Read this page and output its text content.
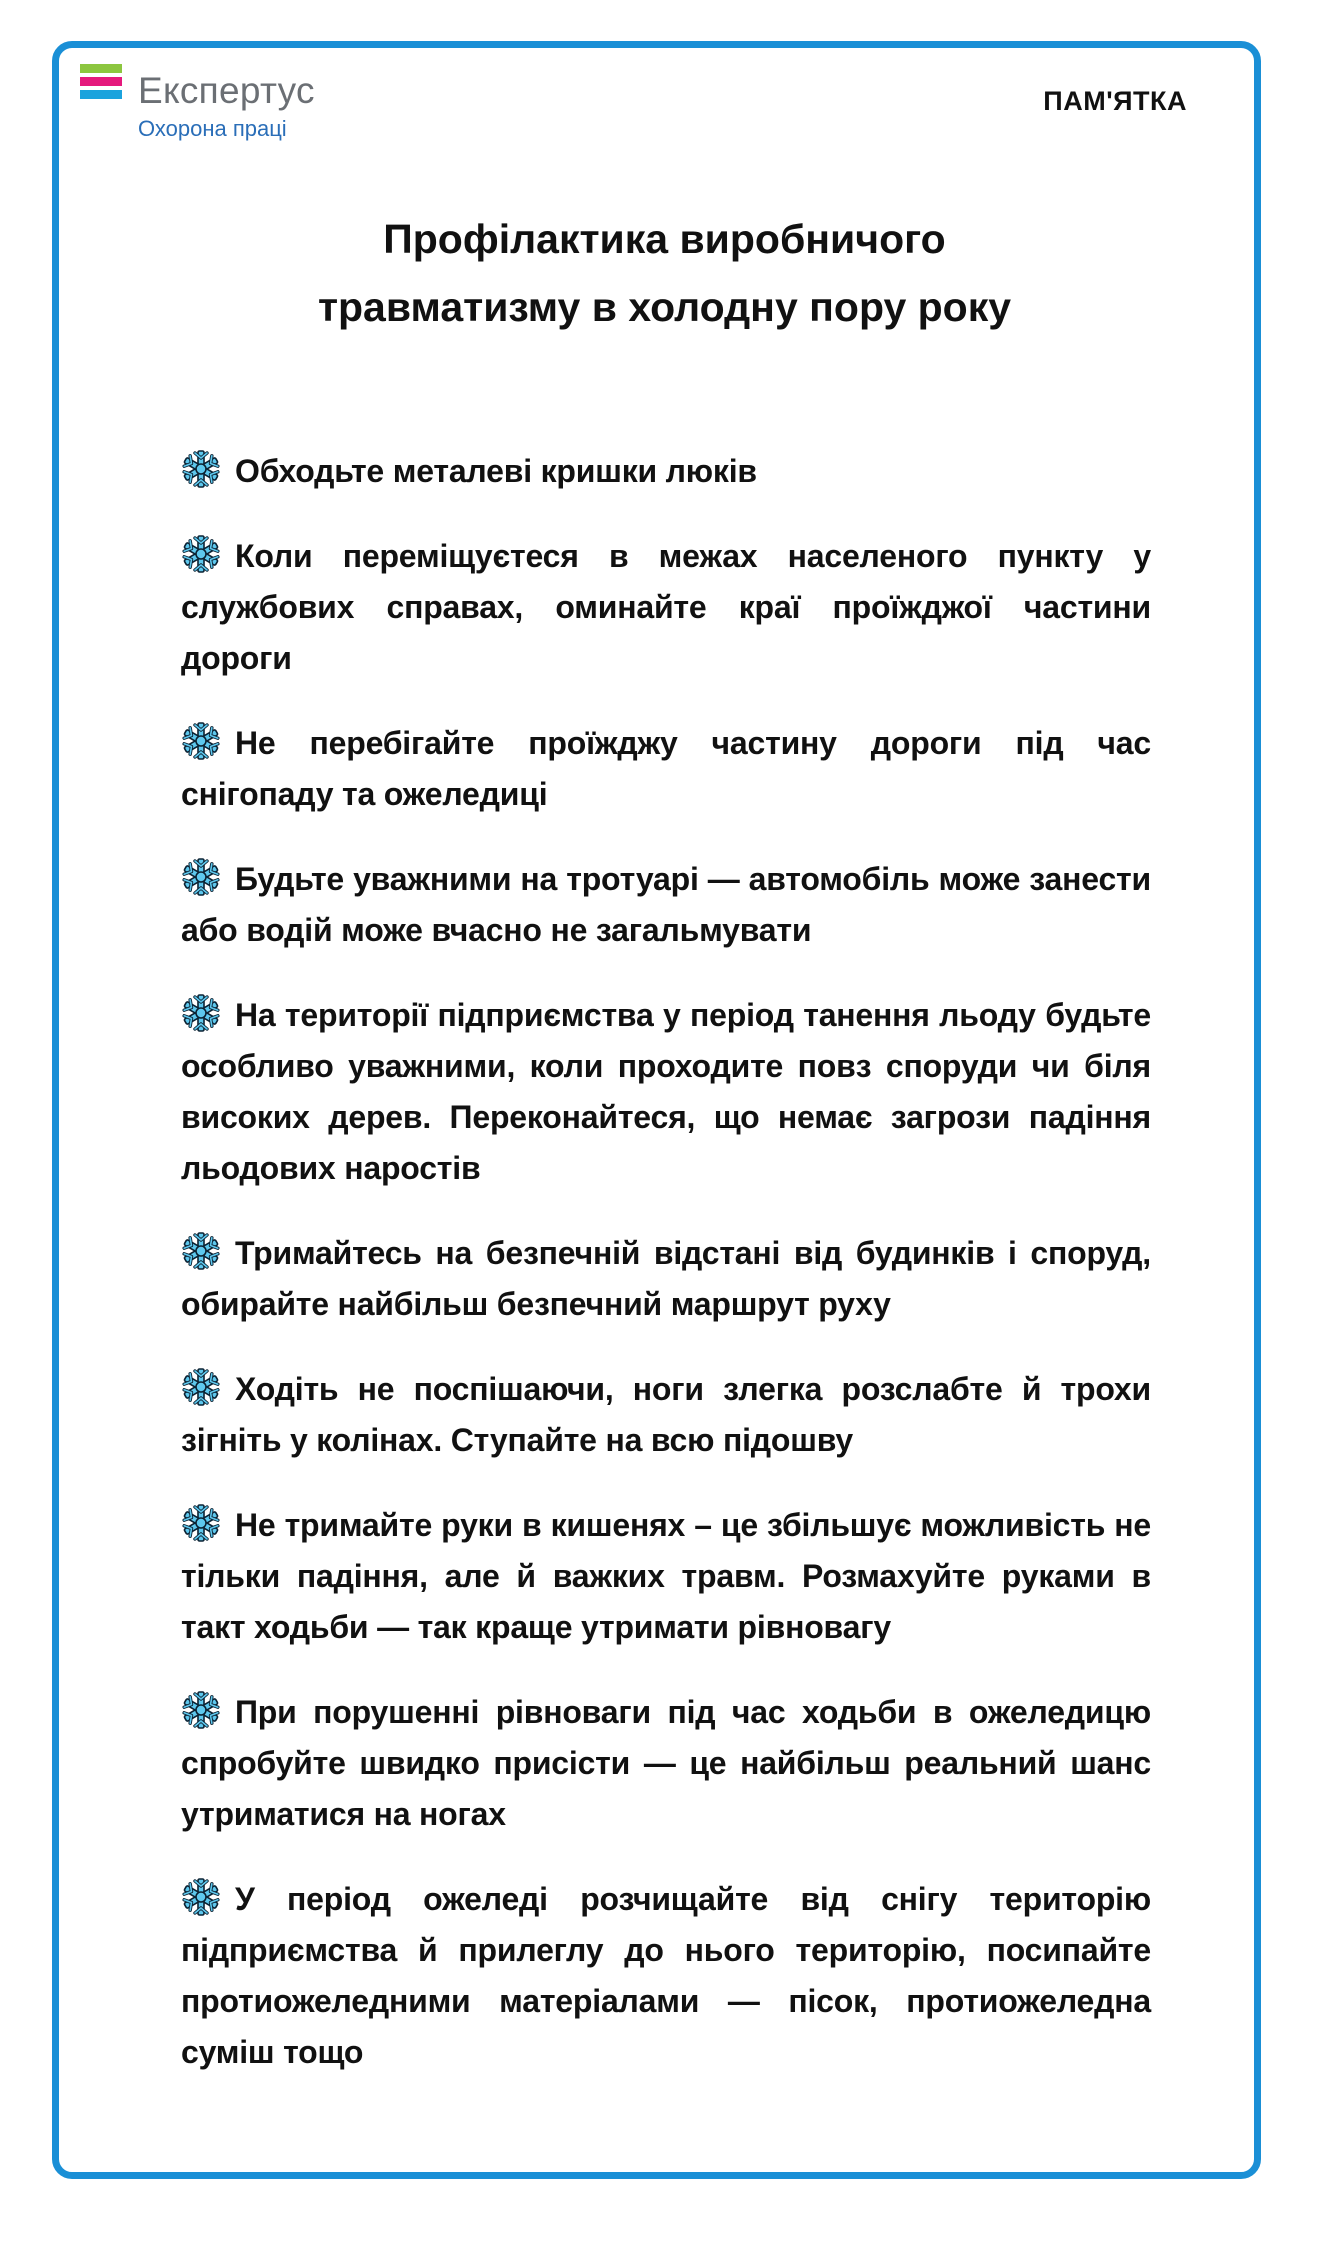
Експертус
Охорона праці
ПАМ'ЯТКА
Профілактика виробничого
травматизму в холодну пору року
Обходьте металеві кришки люків
Коли переміщуєтеся в межах населеного пункту у службових справах, оминайте краї проїжджої частини дороги
Не перебігайте проїжджу частину дороги під час снігопаду та ожеледиці
Будьте уважними на тротуарі — автомобіль може занести або водій може вчасно не загальмувати
На території підприємства у період танення льоду будьте особливо уважними, коли проходите повз споруди чи біля високих дерев. Переконайтеся, що немає загрози падіння льодових наростів
Тримайтесь на безпечній відстані від будинків і споруд, обирайте найбільш безпечний маршрут руху
Ходіть не поспішаючи, ноги злегка розслабте й трохи зігніть у колінах. Ступайте на всю підошву
Не тримайте руки в кишенях – це збільшує можливість не тільки падіння, але й важких травм. Розмахуйте руками в такт ходьби — так краще утримати рівновагу
При порушенні рівноваги під час ходьби в ожеледицю спробуйте швидко присісти — це найбільш реальний шанс утриматися на ногах
У період ожеледі розчищайте від снігу територію підприємства й прилеглу до нього територію, посипайте протиожеледними матеріалами — пісок, протиожеледна суміш тощо
